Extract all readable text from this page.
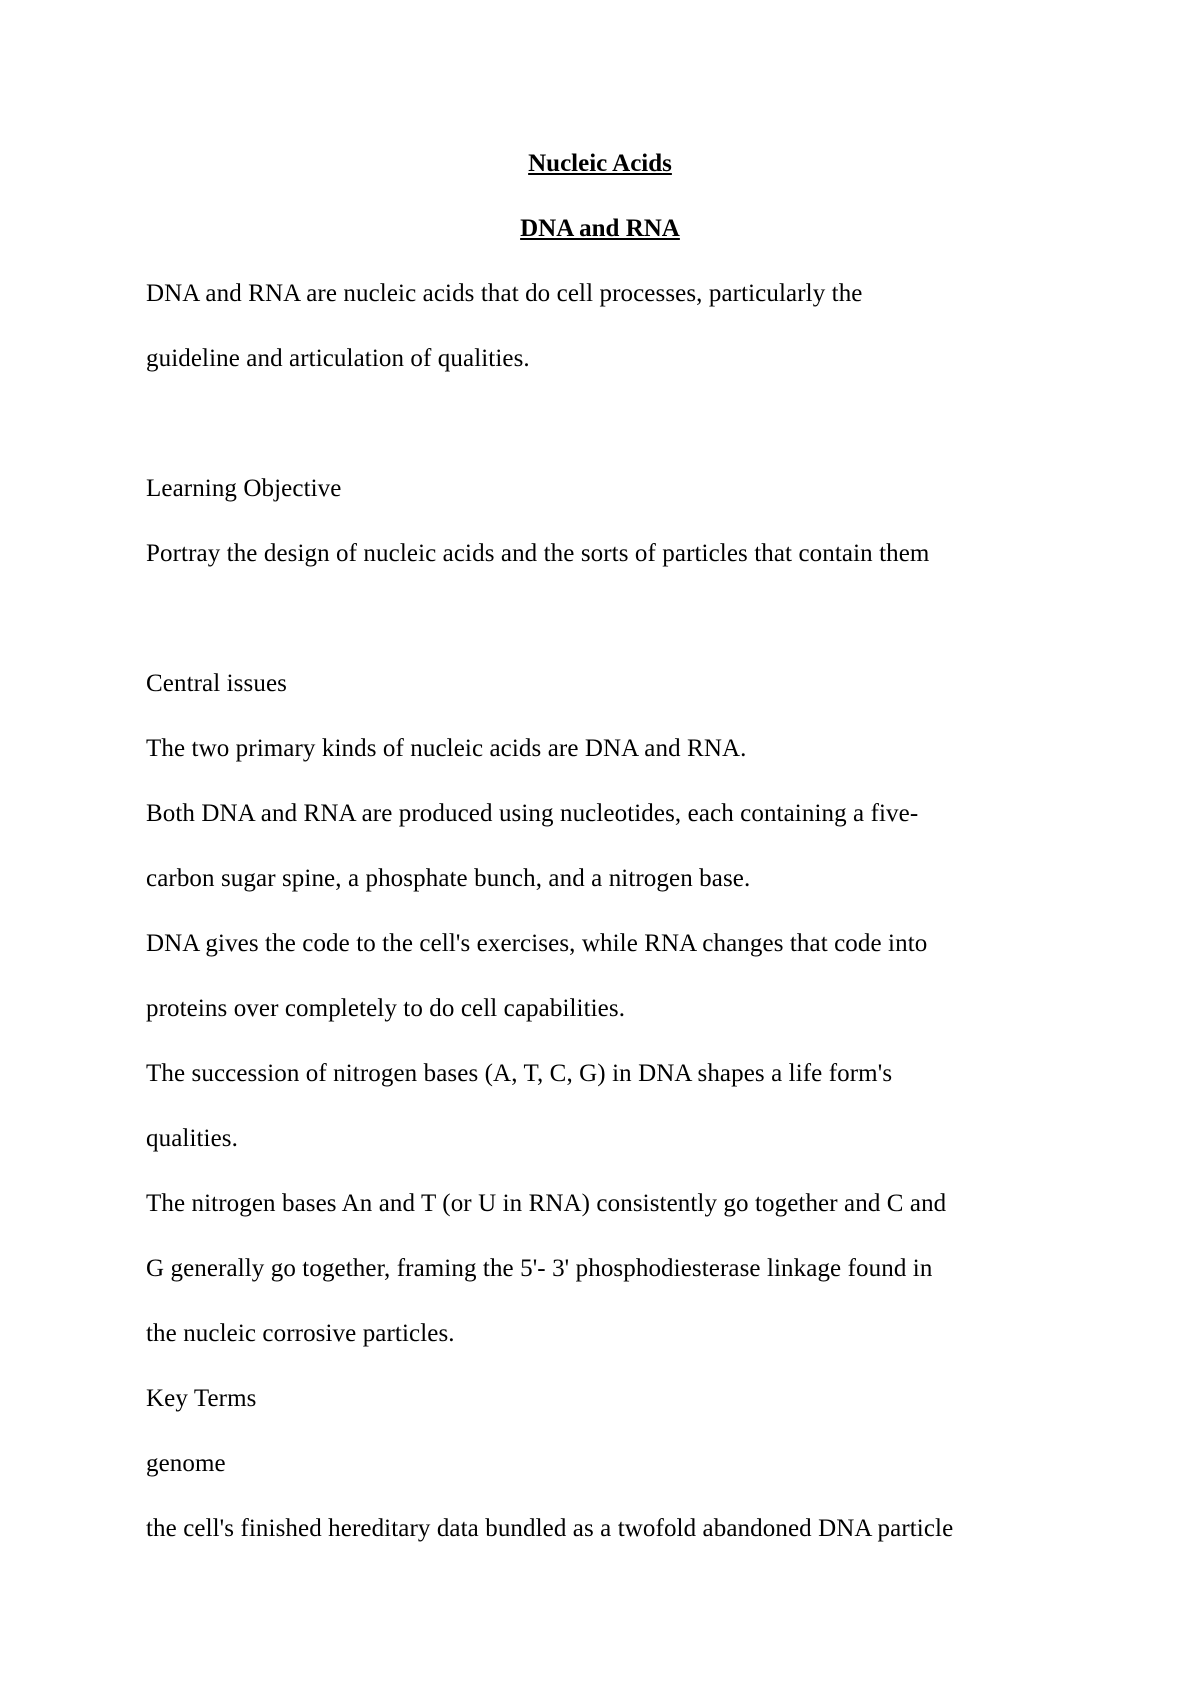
Nucleic Acids
DNA and RNA
DNA and RNA are nucleic acids that do cell processes, particularly the
guideline and articulation of qualities.
Learning Objective
Portray the design of nucleic acids and the sorts of particles that contain them
Central issues
The two primary kinds of nucleic acids are DNA and RNA.
Both DNA and RNA are produced using nucleotides, each containing a five-
carbon sugar spine, a phosphate bunch, and a nitrogen base.
DNA gives the code to the cell's exercises, while RNA changes that code into
proteins over completely to do cell capabilities.
The succession of nitrogen bases (A, T, C, G) in DNA shapes a life form's
qualities.
The nitrogen bases An and T (or U in RNA) consistently go together and C and
G generally go together, framing the 5'- 3' phosphodiesterase linkage found in
the nucleic corrosive particles.
Key Terms
genome
the cell's finished hereditary data bundled as a twofold abandoned DNA particle
